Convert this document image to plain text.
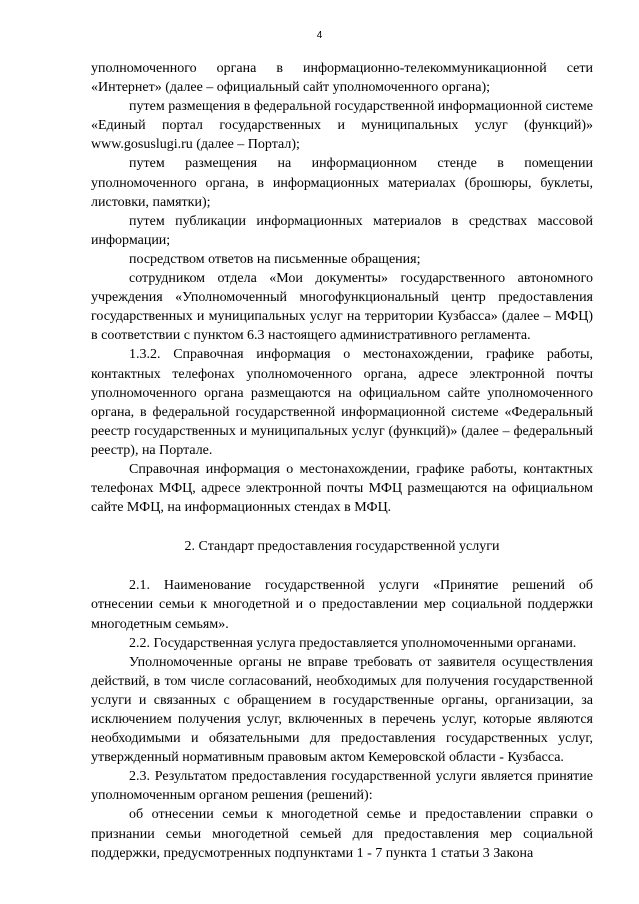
4

уполномоченного органа в информационно-телекоммуникационной сети «Интернет» (далее – официальный сайт уполномоченного органа);

путем размещения в федеральной государственной информационной системе «Единый портал государственных и муниципальных услуг (функций)» www.gosuslugi.ru (далее – Портал);

путем размещения на информационном стенде в помещении уполномоченного органа, в информационных материалах (брошюры, буклеты, листовки, памятки);

путем публикации информационных материалов в средствах массовой информации;

посредством ответов на письменные обращения;

сотрудником отдела «Мои документы» государственного автономного учреждения «Уполномоченный многофункциональный центр предоставления государственных и муниципальных услуг на территории Кузбасса» (далее – МФЦ) в соответствии с пунктом 6.3 настоящего административного регламента.

1.3.2. Справочная информация о местонахождении, графике работы, контактных телефонах уполномоченного органа, адресе электронной почты уполномоченного органа размещаются на официальном сайте уполномоченного органа, в федеральной государственной информационной системе «Федеральный реестр государственных и муниципальных услуг (функций)» (далее – федеральный реестр), на Портале.

Справочная информация о местонахождении, графике работы, контактных телефонах МФЦ, адресе электронной почты МФЦ размещаются на официальном сайте МФЦ, на информационных стендах в МФЦ.

2. Стандарт предоставления государственной услуги

2.1. Наименование государственной услуги «Принятие решений об отнесении семьи к многодетной и о предоставлении мер социальной поддержки многодетным семьям».

2.2. Государственная услуга предоставляется уполномоченными органами.

Уполномоченные органы не вправе требовать от заявителя осуществления действий, в том числе согласований, необходимых для получения государственной услуги и связанных с обращением в государственные органы, организации, за исключением получения услуг, включенных в перечень услуг, которые являются необходимыми и обязательными для предоставления государственных услуг, утвержденный нормативным правовым актом Кемеровской области - Кузбасса.

2.3. Результатом предоставления государственной услуги является принятие уполномоченным органом решения (решений):

об отнесении семьи к многодетной семье и предоставлении справки о признании семьи многодетной семьей для предоставления мер социальной поддержки, предусмотренных подпунктами 1 - 7 пункта 1 статьи 3 Закона
